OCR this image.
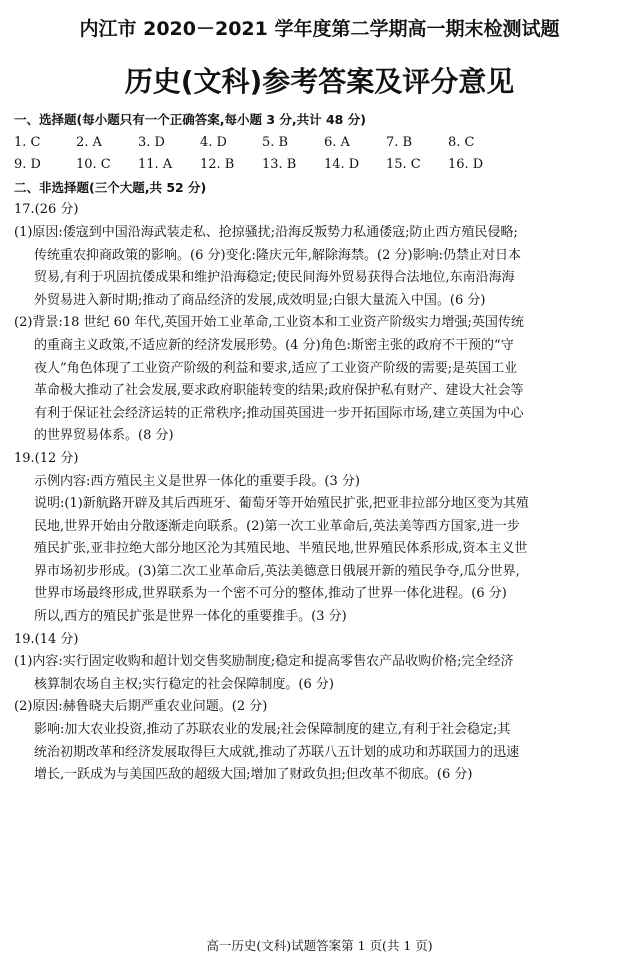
内江市 2020－2021 学年度第二学期高一期末检测试题
历史(文科)参考答案及评分意见
一、选择题(每小题只有一个正确答案,每小题 3 分,共计 48 分)
1. C	2. A	3. D	4. D	5. B	6. A	7. B	8. C
9. D	10. C	11. A	12. B	13. B	14. D	15. C	16. D
二、非选择题(三个大题,共 52 分)
17.(26 分)
(1)原因:倭寇到中国沿海武装走私、抢掠骚扰;沿海反叛势力私通倭寇;防止西方殖民侵略;
传统重农抑商政策的影响。(6 分)变化:隆庆元年,解除海禁。(2 分)影响:仍禁止对日本
贸易,有利于巩固抗倭成果和维护沿海稳定;使民间海外贸易获得合法地位,东南沿海海
外贸易进入新时期;推动了商品经济的发展,成效明显;白银大量流入中国。(6 分)
(2)背景:18 世纪 60 年代,英国开始工业革命,工业资本和工业资产阶级实力增强;英国传统
的重商主义政策,不适应新的经济发展形势。(4 分)角色:斯密主张的政府不干预的“守
夜人”角色体现了工业资产阶级的利益和要求,适应了工业资产阶级的需要;是英国工业
革命极大推动了社会发展,要求政府职能转变的结果;政府保护私有财产、建设大社会等
有利于保证社会经济运转的正常秩序;推动国英国进一步开拓国际市场,建立英国为中心
的世界贸易体系。(8 分)
19.(12 分)
示例内容:西方殖民主义是世界一体化的重要手段。(3 分)
说明:(1)新航路开辟及其后西班牙、葡萄牙等开始殖民扩张,把亚非拉部分地区变为其殖
民地,世界开始由分散逐渐走向联系。(2)第一次工业革命后,英法美等西方国家,进一步
殖民扩张,亚非拉绝大部分地区沦为其殖民地、半殖民地,世界殖民体系形成,资本主义世
界市场初步形成。(3)第二次工业革命后,英法美德意日俄展开新的殖民争夺,瓜分世界,
世界市场最终形成,世界联系为一个密不可分的整体,推动了世界一体化进程。(6 分)
所以,西方的殖民扩张是世界一体化的重要推手。(3 分)
19.(14 分)
(1)内容:实行固定收购和超计划交售奖励制度;稳定和提高零售农产品收购价格;完全经济
核算制农场自主权;实行稳定的社会保障制度。(6 分)
(2)原因:赫鲁晓夫后期严重农业问题。(2 分)
影响:加大农业投资,推动了苏联农业的发展;社会保障制度的建立,有利于社会稳定;其
统治初期改革和经济发展取得巨大成就,推动了苏联八五计划的成功和苏联国力的迅速
增长,一跃成为与美国匹敌的超级大国;增加了财政负担;但改革不彻底。(6 分)
高一历史(文科)试题答案第 1 页(共 1 页)
